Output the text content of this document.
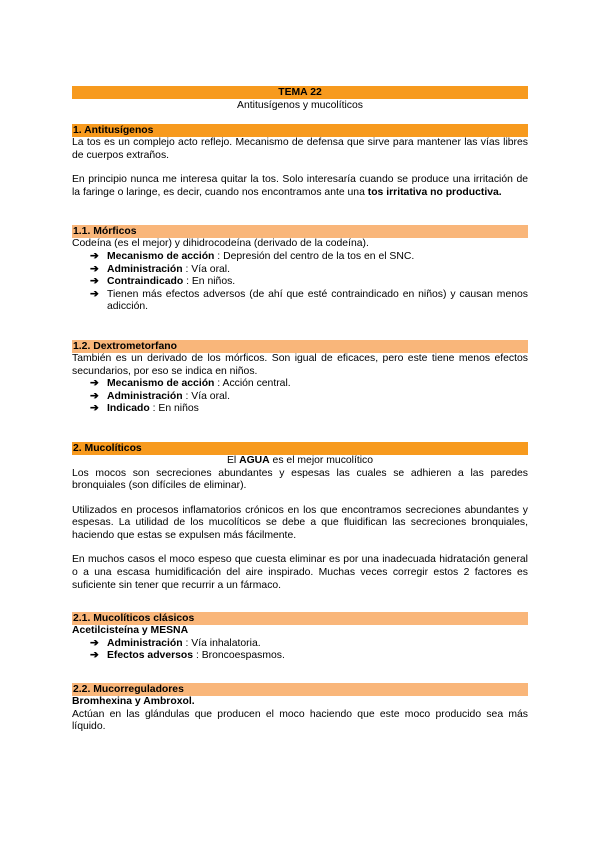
TEMA 22
Antitusígenos y mucolíticos
1. Antitusígenos

La tos es un complejo acto reflejo. Mecanismo de defensa que sirve para mantener las vías libres de cuerpos extraños.

En principio nunca me interesa quitar la tos. Solo interesaría cuando se produce una irritación de la faringe o laringe, es decir, cuando nos encontramos ante una tos irritativa no productiva.

1.1. Mórficos

Codeína (es el mejor) y dihidrocodeína (derivado de la codeína).

➔ Mecanismo de acción : Depresión del centro de la tos en el SNC.
➔ Administración : Vía oral.
➔ Contraindicado : En niños.
➔ Tienen más efectos adversos (de ahí que esté contraindicado en niños) y causan menos adicción.
1.2. Dextrometorfano

También es un derivado de los mórficos. Son igual de eficaces, pero este tiene menos efectos secundarios, por eso se indica en niños.

➔ Mecanismo de acción : Acción central.
➔ Administración : Vía oral.
➔ Indicado : En niños
2. Mucolíticos

El AGUA es el mejor mucolítico

Los mocos son secreciones abundantes y espesas las cuales se adhieren a las paredes bronquiales (son difíciles de eliminar).

Utilizados en procesos inflamatorios crónicos en los que encontramos secreciones abundantes y espesas. La utilidad de los mucolíticos se debe a que fluidifican las secreciones bronquiales, haciendo que estas se expulsen más fácilmente.

En muchos casos el moco espeso que cuesta eliminar es por una inadecuada hidratación general o a una escasa humidificación del aire inspirado. Muchas veces corregir estos 2 factores es suficiente sin tener que recurrir a un fármaco.

2.1. Mucolíticos clásicos

Acetilcisteína y MESNA

➔ Administración : Vía inhalatoria.
➔ Efectos adversos : Broncoespasmos.
2.2. Mucorreguladores

Bromhexina y Ambroxol.

Actúan en las glándulas que producen el moco haciendo que este moco producido sea más líquido.
